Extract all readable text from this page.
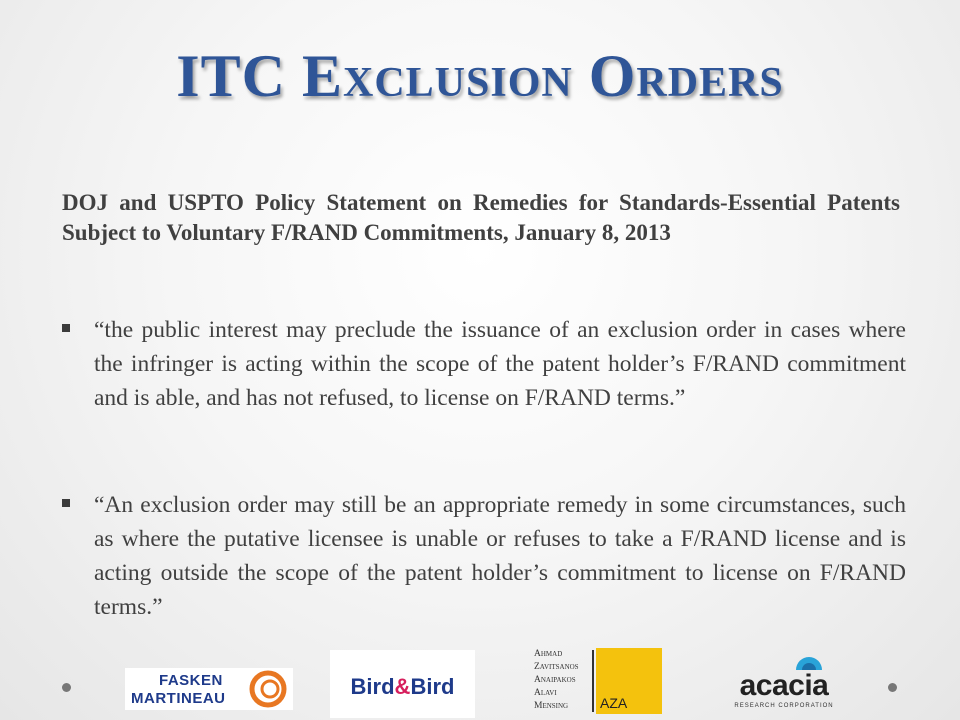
ITC Exclusion Orders
DOJ and USPTO Policy Statement on Remedies for Standards-Essential Patents Subject to Voluntary F/RAND Commitments, January 8, 2013
“the public interest may preclude the issuance of an exclusion order in cases where the infringer is acting within the scope of the patent holder’s F/RAND commitment and is able, and has not refused, to license on F/RAND terms.”
“An exclusion order may still be an appropriate remedy in some circumstances, such as where the putative licensee is unable or refuses to take a F/RAND license and is acting outside the scope of the patent holder’s commitment to license on F/RAND terms.”
FASKEN
MARTINEAU	Bird&Bird
Ahmad
Zavitsanos
Anaipakos
Alavi
Mensing	AZA
acacia
RESEARCH CORPORATION
